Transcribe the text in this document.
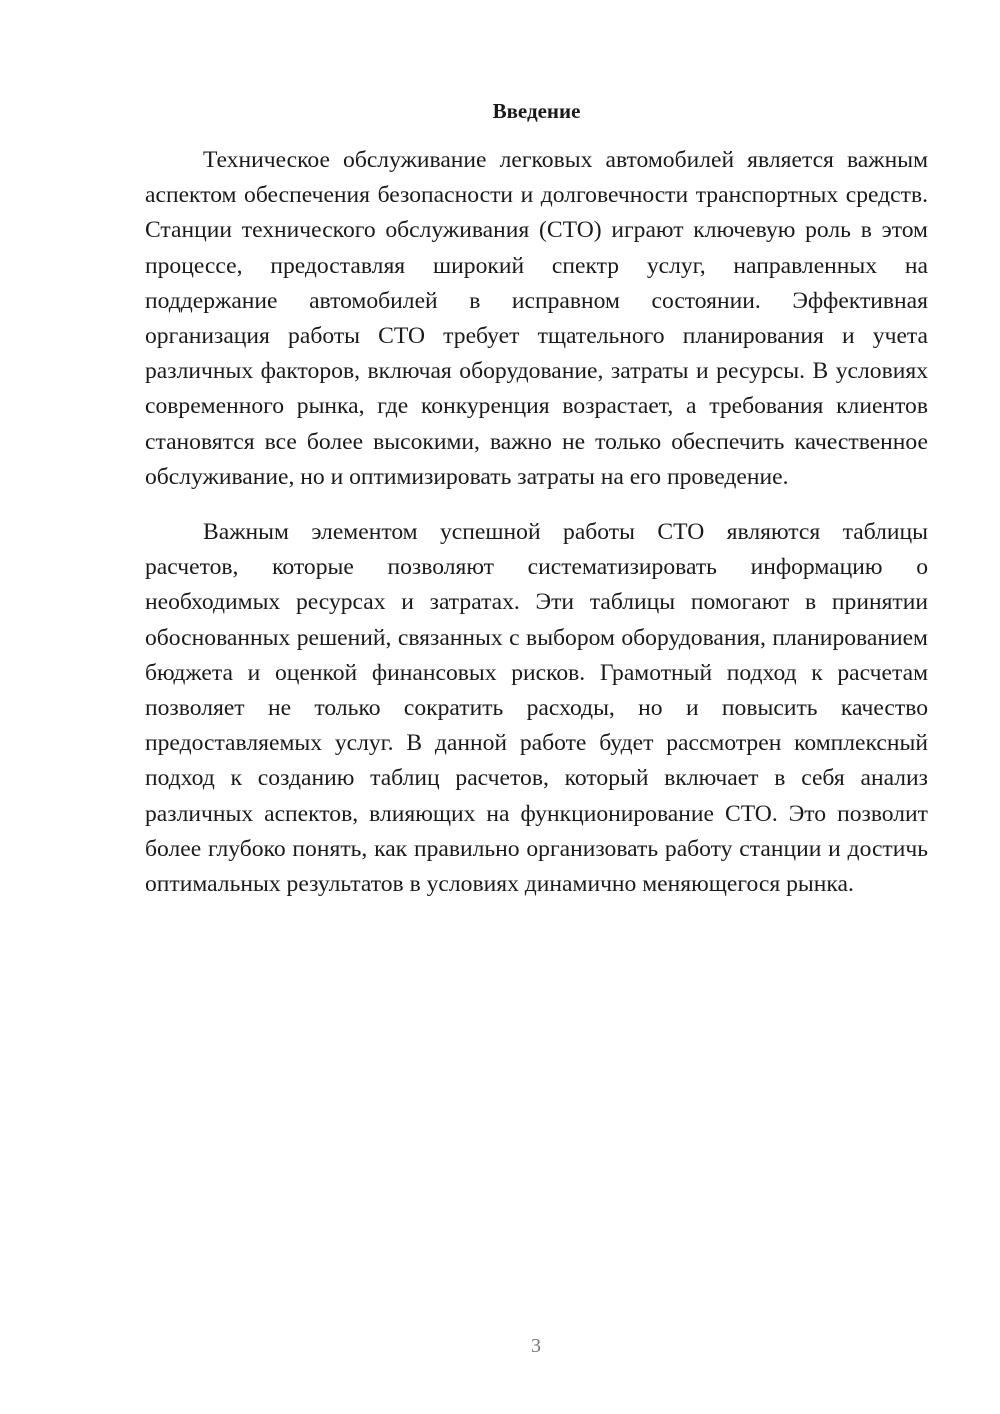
Введение

Техническое обслуживание легковых автомобилей является важным аспектом обеспечения безопасности и долговечности транспортных средств. Станции технического обслуживания (СТО) играют ключевую роль в этом процессе, предоставляя широкий спектр услуг, направленных на поддержание автомобилей в исправном состоянии. Эффективная организация работы СТО требует тщательного планирования и учета различных факторов, включая оборудование, затраты и ресурсы. В условиях современного рынка, где конкуренция возрастает, а требования клиентов становятся все более высокими, важно не только обеспечить качественное обслуживание, но и оптимизировать затраты на его проведение.

Важным элементом успешной работы СТО являются таблицы расчетов, которые позволяют систематизировать информацию о необходимых ресурсах и затратах. Эти таблицы помогают в принятии обоснованных решений, связанных с выбором оборудования, планированием бюджета и оценкой финансовых рисков. Грамотный подход к расчетам позволяет не только сократить расходы, но и повысить качество предоставляемых услуг. В данной работе будет рассмотрен комплексный подход к созданию таблиц расчетов, который включает в себя анализ различных аспектов, влияющих на функционирование СТО. Это позволит более глубоко понять, как правильно организовать работу станции и достичь оптимальных результатов в условиях динамично меняющегося рынка.

3
